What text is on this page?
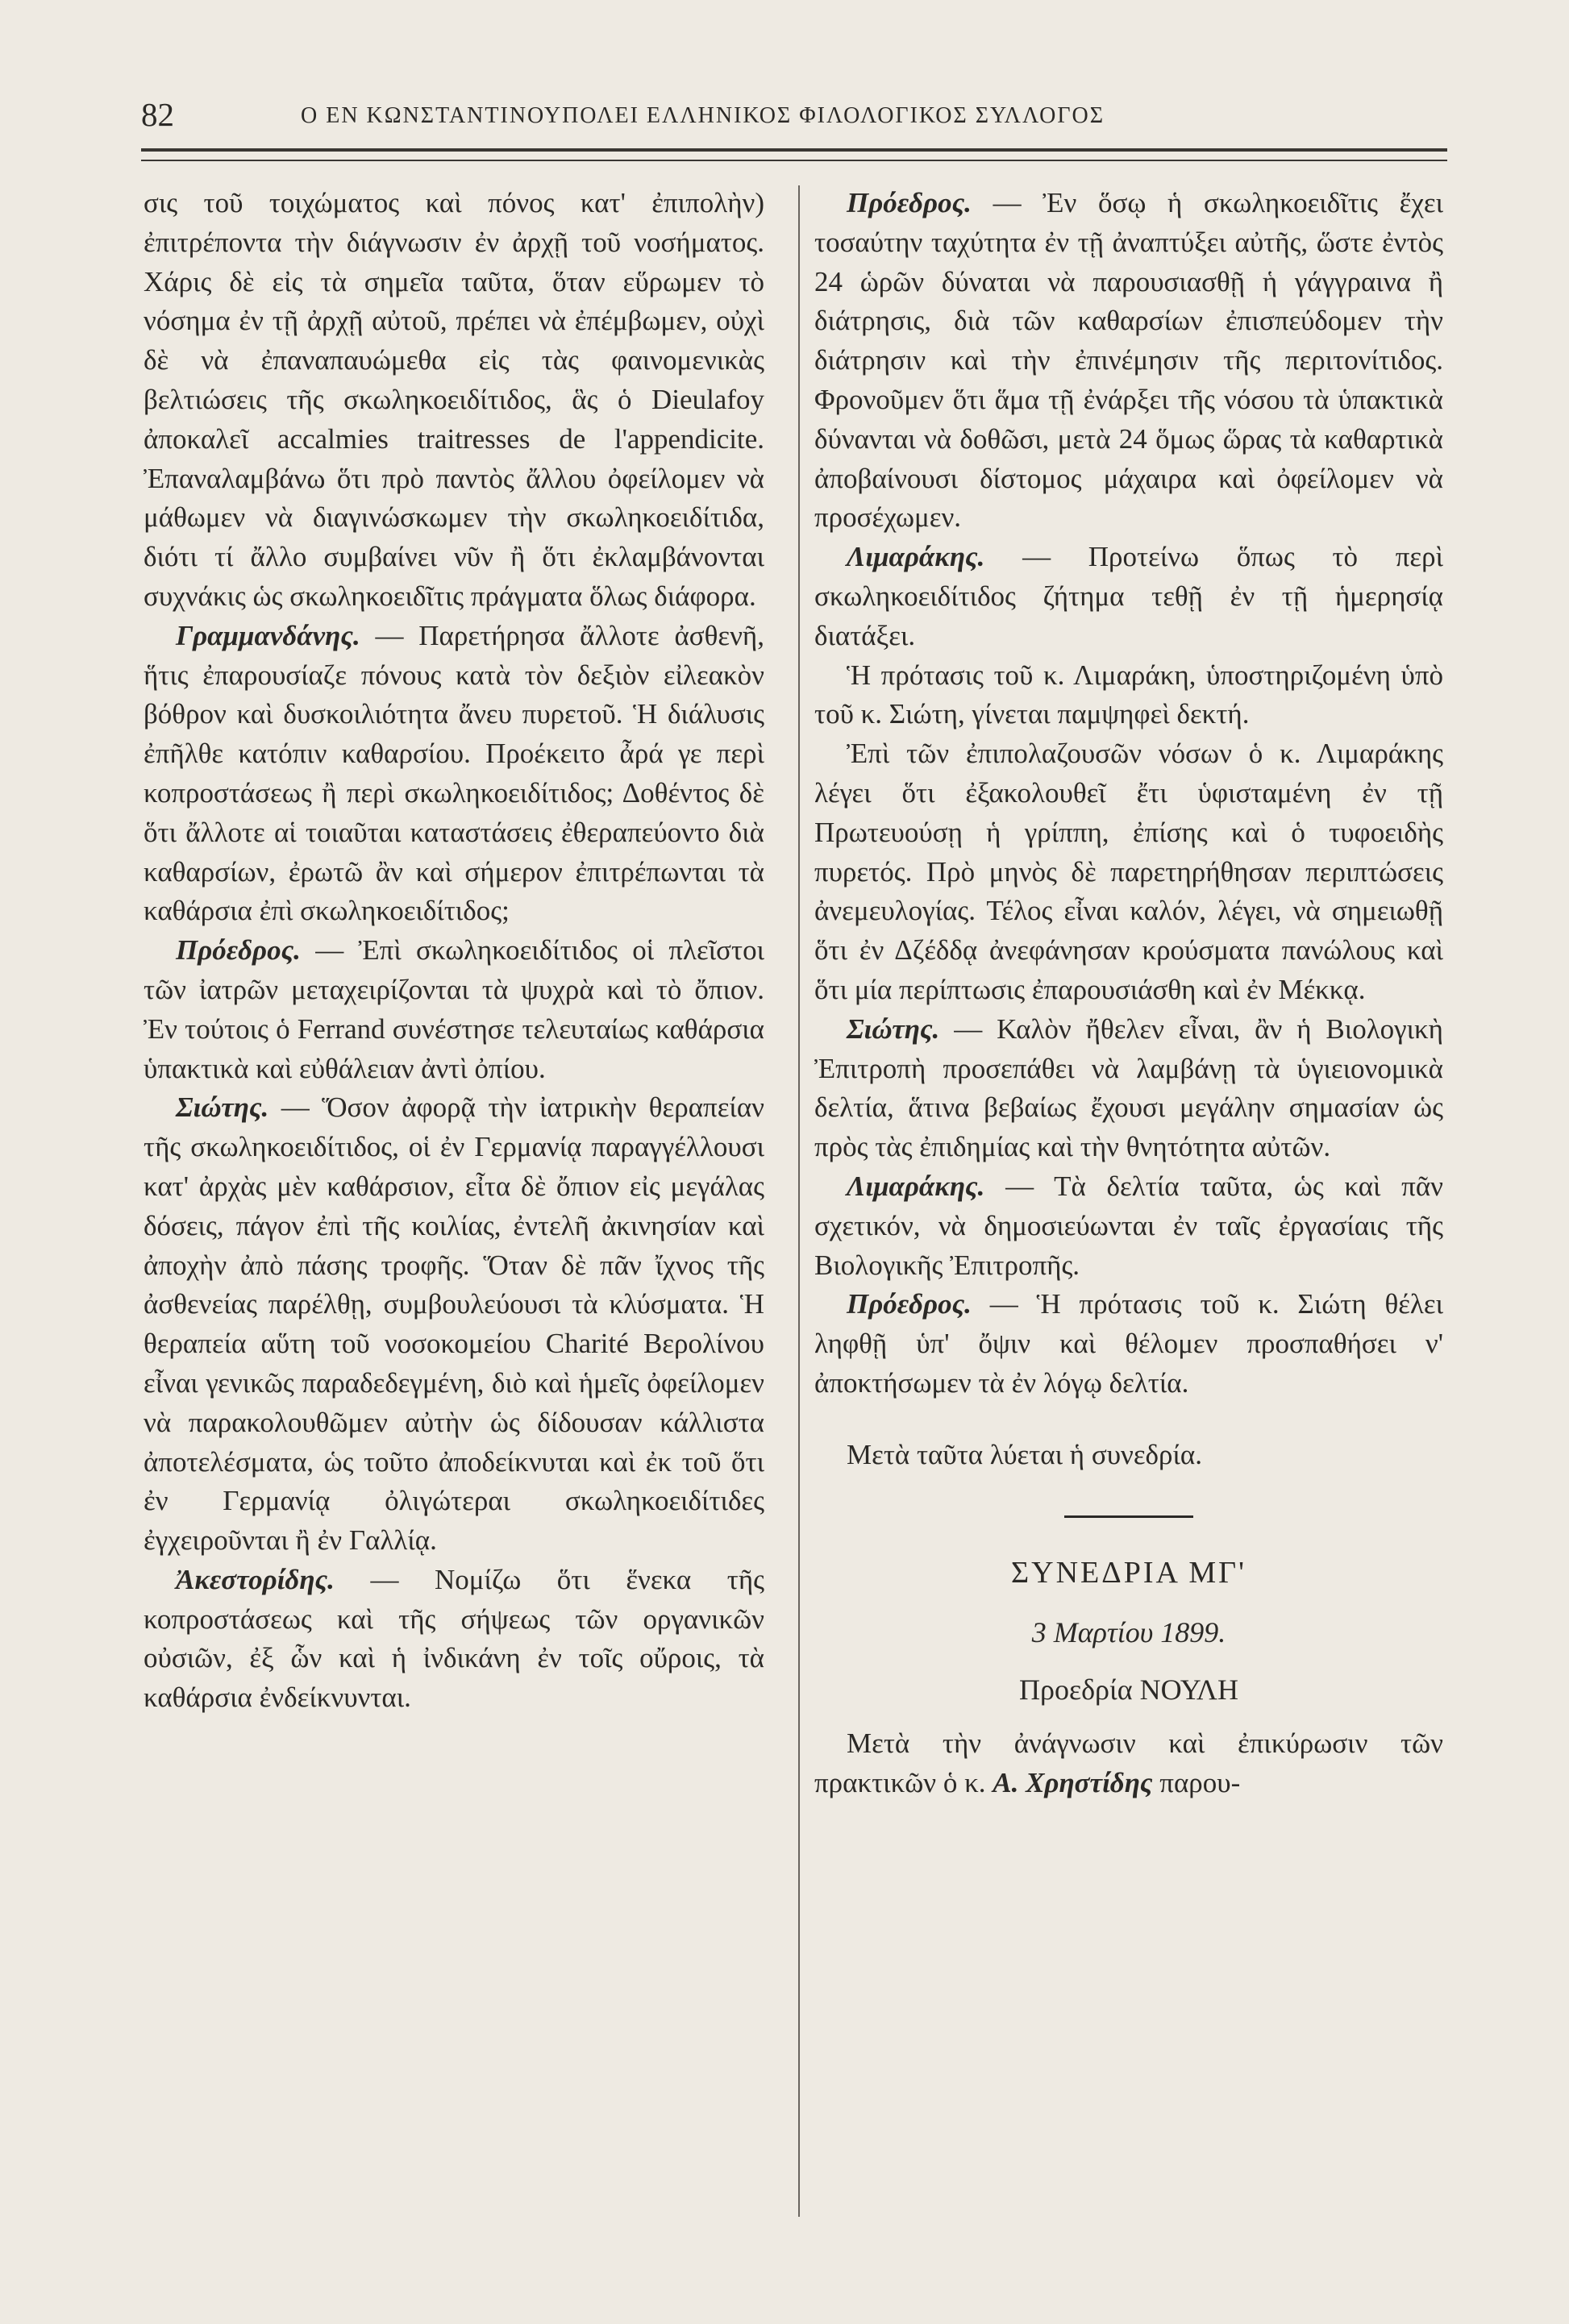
82	Ο ΕΝ ΚΩΝΣΤΑΝΤΙΝΟΥΠΟΛΕΙ ΕΛΛΗΝΙΚΟΣ ΦΙΛΟΛΟΓΙΚΟΣ ΣΥΛΛΟΓΟΣ

σις τοῦ τοιχώματος καὶ πόνος κατ' ἐπιπολὴν) ἐπιτρέποντα τὴν διάγνωσιν ἐν ἀρχῇ τοῦ νοσήματος. Χάρις δὲ εἰς τὰ σημεῖα ταῦτα, ὅταν εὕρωμεν τὸ νόσημα ἐν τῇ ἀρχῇ αὐτοῦ, πρέπει νὰ ἐπέμβωμεν, οὐχὶ δὲ νὰ ἐπαναπαυώμεθα εἰς τὰς φαινομενικὰς βελτιώσεις τῆς σκωληκοειδίτιδος, ἃς ὁ Dieulafoy ἀποκαλεῖ accalmies traitresses de l'appendicite. Ἐπαναλαμβάνω ὅτι πρὸ παντὸς ἄλλου ὀφείλομεν νὰ μάθωμεν νὰ διαγινώσκωμεν τὴν σκωληκοειδίτιδα, διότι τί ἄλλο συμβαίνει νῦν ἢ ὅτι ἐκλαμβάνονται συχνάκις ὡς σκωληκοειδῖτις πράγματα ὅλως διάφορα.

Γραμμανδάνης. — Παρετήρησα ἄλλοτε ἀσθενῆ, ἥτις ἐπαρουσίαζε πόνους κατὰ τὸν δεξιὸν εἰλεακὸν βόθρον καὶ δυσκοιλιότητα ἄνευ πυρετοῦ. Ἡ διάλυσις ἐπῆλθε κατόπιν καθαρσίου. Προέκειτο ἆρά γε περὶ κοπροστάσεως ἢ περὶ σκωληκοειδίτιδος; Δοθέντος δὲ ὅτι ἄλλοτε αἱ τοιαῦται καταστάσεις ἐθεραπεύοντο διὰ καθαρσίων, ἐρωτῶ ἂν καὶ σήμερον ἐπιτρέπωνται τὰ καθάρσια ἐπὶ σκωληκοειδίτιδος;

Πρόεδρος. — Ἐπὶ σκωληκοειδίτιδος οἱ πλεῖστοι τῶν ἰατρῶν μεταχειρίζονται τὰ ψυχρὰ καὶ τὸ ὄπιον. Ἐν τούτοις ὁ Ferrand συνέστησε τελευταίως καθάρσια ὑπακτικὰ καὶ εὐθάλειαν ἀντὶ ὀπίου.

Σιώτης. — Ὅσον ἀφορᾷ τὴν ἰατρικὴν θεραπείαν τῆς σκωληκοειδίτιδος, οἱ ἐν Γερμανίᾳ παραγγέλλουσι κατ' ἀρχὰς μὲν καθάρσιον, εἶτα δὲ ὄπιον εἰς μεγάλας δόσεις, πάγον ἐπὶ τῆς κοιλίας, ἐντελῆ ἀκινησίαν καὶ ἀποχὴν ἀπὸ πάσης τροφῆς. Ὅταν δὲ πᾶν ἴχνος τῆς ἀσθενείας παρέλθῃ, συμβουλεύουσι τὰ κλύσματα. Ἡ θεραπεία αὕτη τοῦ νοσοκομείου Charité Βερολίνου εἶναι γενικῶς παραδεδεγμένη, διὸ καὶ ἡμεῖς ὀφείλομεν νὰ παρακολουθῶμεν αὐτὴν ὡς δίδουσαν κάλλιστα ἀποτελέσματα, ὡς τοῦτο ἀποδείκνυται καὶ ἐκ τοῦ ὅτι ἐν Γερμανίᾳ ὀλιγώτεραι σκωληκοειδίτιδες ἐγχειροῦνται ἢ ἐν Γαλλίᾳ.

Ἀκεστορίδης. — Νομίζω ὅτι ἕνεκα τῆς κοπροστάσεως καὶ τῆς σήψεως τῶν οργανικῶν οὐσιῶν, ἐξ ὧν καὶ ἡ ἰνδικάνη ἐν τοῖς οὔροις, τὰ καθάρσια ἐνδείκνυνται.

Πρόεδρος. — Ἐν ὅσῳ ἡ σκωληκοειδῖτις ἔχει τοσαύτην ταχύτητα ἐν τῇ ἀναπτύξει αὐτῆς, ὥστε ἐντὸς 24 ὡρῶν δύναται νὰ παρουσιασθῇ ἡ γάγγραινα ἢ διάτρησις, διὰ τῶν καθαρσίων ἐπισπεύδομεν τὴν διάτρησιν καὶ τὴν ἐπινέμησιν τῆς περιτονίτιδος. Φρονοῦμεν ὅτι ἅμα τῇ ἐνάρξει τῆς νόσου τὰ ὑπακτικὰ δύνανται νὰ δοθῶσι, μετὰ 24 ὅμως ὥρας τὰ καθαρτικὰ ἀποβαίνουσι δίστομος μάχαιρα καὶ ὀφείλομεν νὰ προσέχωμεν.

Λιμαράκης. — Προτείνω ὅπως τὸ περὶ σκωληκοειδίτιδος ζήτημα τεθῇ ἐν τῇ ἡμερησίᾳ διατάξει.

Ἡ πρότασις τοῦ κ. Λιμαράκη, ὑποστηριζομένη ὑπὸ τοῦ κ. Σιώτη, γίνεται παμψηφεὶ δεκτή.

Ἐπὶ τῶν ἐπιπολαζουσῶν νόσων ὁ κ. Λιμαράκης λέγει ὅτι ἐξακολουθεῖ ἔτι ὑφισταμένη ἐν τῇ Πρωτευούσῃ ἡ γρίππη, ἐπίσης καὶ ὁ τυφοειδὴς πυρετός. Πρὸ μηνὸς δὲ παρετηρήθησαν περιπτώσεις ἀνεμευλογίας. Τέλος εἶναι καλόν, λέγει, νὰ σημειωθῇ ὅτι ἐν Δζέδδᾳ ἀνεφάνησαν κρούσματα πανώλους καὶ ὅτι μία περίπτωσις ἐπαρουσιάσθη καὶ ἐν Μέκκᾳ.

Σιώτης. — Καλὸν ἤθελεν εἶναι, ἂν ἡ Βιολογικὴ Ἐπιτροπὴ προσεπάθει νὰ λαμβάνῃ τὰ ὑγιειονομικὰ δελτία, ἅτινα βεβαίως ἔχουσι μεγάλην σημασίαν ὡς πρὸς τὰς ἐπιδημίας καὶ τὴν θνητότητα αὐτῶν.

Λιμαράκης. — Τὰ δελτία ταῦτα, ὡς καὶ πᾶν σχετικόν, νὰ δημοσιεύωνται ἐν ταῖς ἐργασίαις τῆς Βιολογικῆς Ἐπιτροπῆς.

Πρόεδρος. — Ἡ πρότασις τοῦ κ. Σιώτη θέλει ληφθῇ ὑπ' ὄψιν καὶ θέλομεν προσπαθήσει ν' ἀποκτήσωμεν τὰ ἐν λόγῳ δελτία.

Μετὰ ταῦτα λύεται ἡ συνεδρία.

ΣΥΝΕΔΡΙΑ ΜΓ'

3 Μαρτίου 1899.

Προεδρία ΝΟΥΛΗ

Μετὰ τὴν ἀνάγνωσιν καὶ ἐπικύρωσιν τῶν πρακτικῶν ὁ κ. Α. Χρηστίδης παρου-
